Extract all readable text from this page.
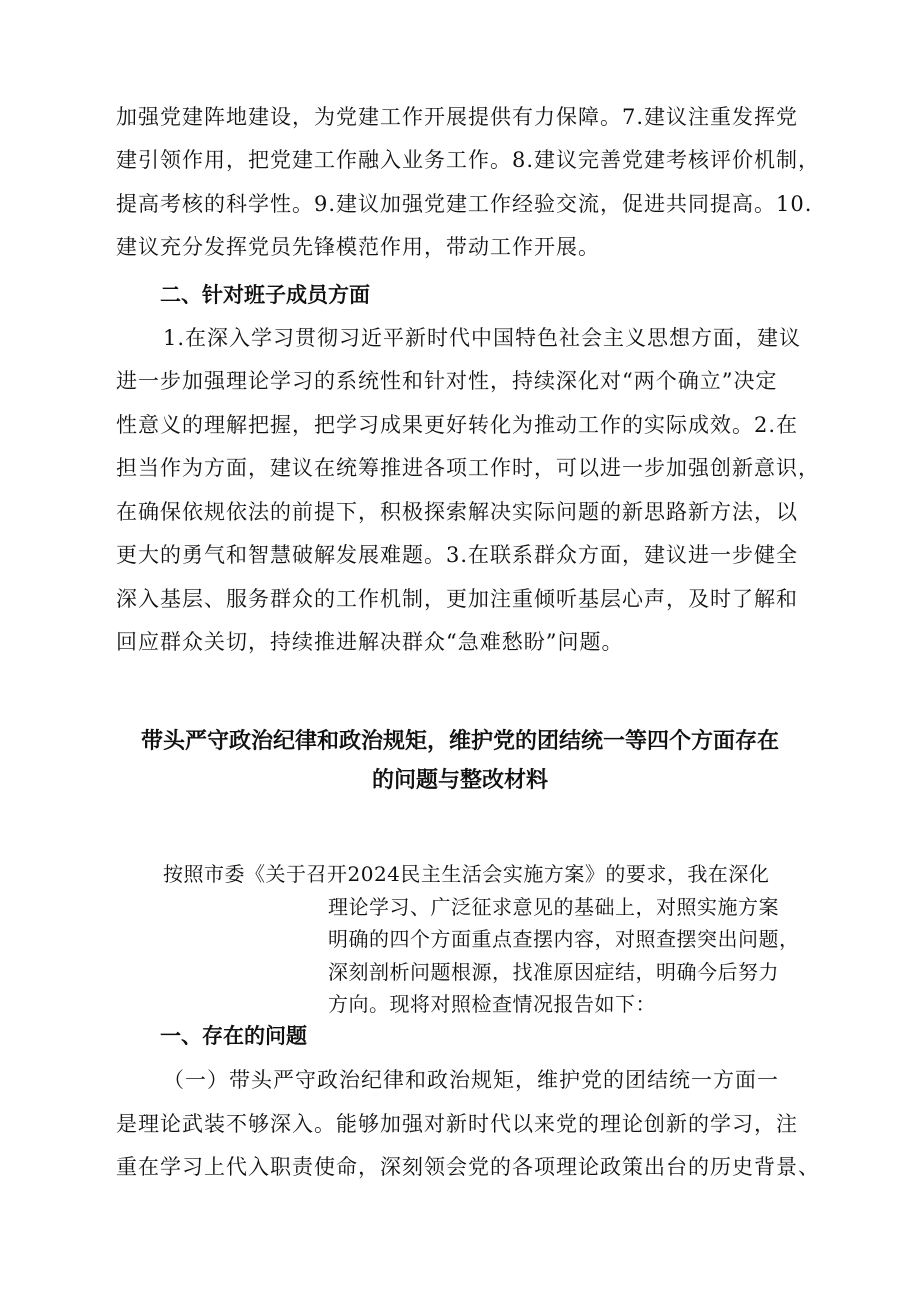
加强党建阵地建设，为党建工作开展提供有力保障。7.建议注重发挥党
建引领作用，把党建工作融入业务工作。8.建议完善党建考核评价机制，
提高考核的科学性。9.建议加强党建工作经验交流，促进共同提高。10.
建议充分发挥党员先锋模范作用，带动工作开展。
二、针对班子成员方面
1.在深入学习贯彻习近平新时代中国特色社会主义思想方面，建议
进一步加强理论学习的系统性和针对性，持续深化对“两个确立”决定
性意义的理解把握，把学习成果更好转化为推动工作的实际成效。2.在
担当作为方面，建议在统筹推进各项工作时，可以进一步加强创新意识，
在确保依规依法的前提下，积极探索解决实际问题的新思路新方法，以
更大的勇气和智慧破解发展难题。3.在联系群众方面，建议进一步健全
深入基层、服务群众的工作机制，更加注重倾听基层心声，及时了解和
回应群众关切，持续推进解决群众“急难愁盼”问题。
带头严守政治纪律和政治规矩，维护党的团结统一等四个方面存在
的问题与整改材料
按照市委《关于召开2024民主生活会实施方案》的要求，我在深化
理论学习、广泛征求意见的基础上，对照实施方案
明确的四个方面重点查摆内容，对照查摆突出问题，
深刻剖析问题根源，找准原因症结，明确今后努力
方向。现将对照检查情况报告如下：
一、存在的问题
（一）带头严守政治纪律和政治规矩，维护党的团结统一方面一
是理论武装不够深入。能够加强对新时代以来党的理论创新的学习，注
重在学习上代入职责使命，深刻领会党的各项理论政策出台的历史背景、
